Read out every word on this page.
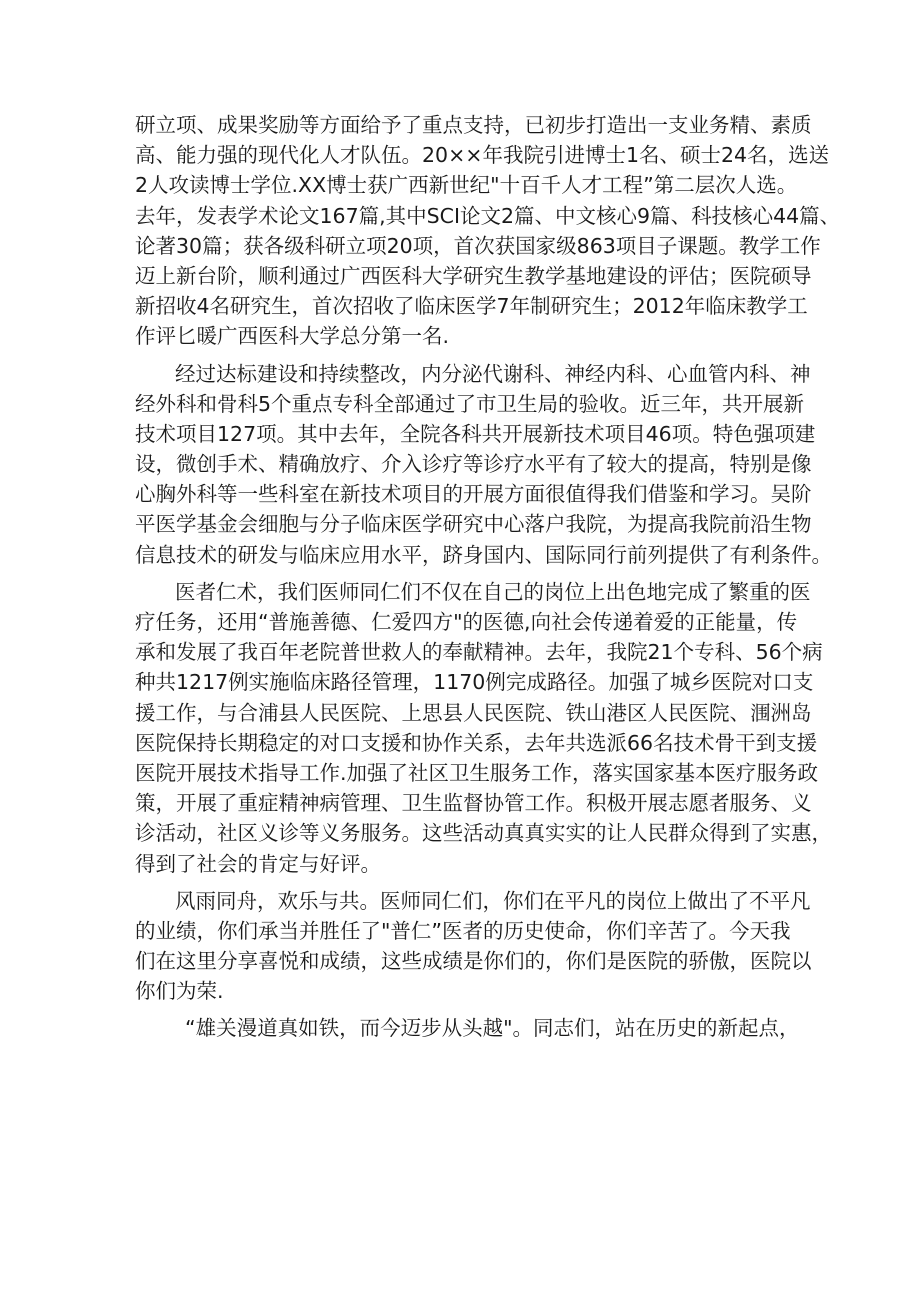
研立项、成果奖励等方面给予了重点支持，已初步打造出一支业务精、素质
高、能力强的现代化人才队伍。20××年我院引进博士1名、硕士24名，选送
2人攻读博士学位.XX博士获广西新世纪"十百千人才工程”第二层次人选。
去年，发表学术论文167篇,其中SCI论文2篇、中文核心9篇、科技核心44篇、
论著30篇；获各级科研立项20项，首次获国家级863项目子课题。教学工作
迈上新台阶，顺利通过广西医科大学研究生教学基地建设的评估；医院硕导
新招收4名研究生，首次招收了临床医学7年制研究生；2012年临床教学工
作评匕暖广西医科大学总分第一名.
经过达标建设和持续整改，内分泌代谢科、神经内科、心血管内科、神
经外科和骨科5个重点专科全部通过了市卫生局的验收。近三年，共开展新
技术项目127项。其中去年，全院各科共开展新技术项目46项。特色强项建
设，微创手术、精确放疗、介入诊疗等诊疗水平有了较大的提高，特别是像
心胸外科等一些科室在新技术项目的开展方面很值得我们借鉴和学习。吴阶
平医学基金会细胞与分子临床医学研究中心落户我院，为提高我院前沿生物
信息技术的研发与临床应用水平，跻身国内、国际同行前列提供了有利条件。
医者仁术，我们医师同仁们不仅在自己的岗位上出色地完成了繁重的医
疗任务，还用“普施善德、仁爱四方"的医德,向社会传递着爱的正能量，传
承和发展了我百年老院普世救人的奉献精神。去年，我院21个专科、56个病
种共1217例实施临床路径管理，1170例完成路径。加强了城乡医院对口支
援工作，与合浦县人民医院、上思县人民医院、铁山港区人民医院、涠洲岛
医院保持长期稳定的对口支援和协作关系，去年共选派66名技术骨干到支援
医院开展技术指导工作.加强了社区卫生服务工作，落实国家基本医疗服务政
策，开展了重症精神病管理、卫生监督协管工作。积极开展志愿者服务、义
诊活动，社区义诊等义务服务。这些活动真真实实的让人民群众得到了实惠，
得到了社会的肯定与好评。
风雨同舟，欢乐与共。医师同仁们，你们在平凡的岗位上做出了不平凡
的业绩，你们承当并胜任了"普仁”医者的历史使命，你们辛苦了。今天我
们在这里分享喜悦和成绩，这些成绩是你们的，你们是医院的骄傲，医院以
你们为荣.
“雄关漫道真如铁，而今迈步从头越"。同志们，站在历史的新起点，
